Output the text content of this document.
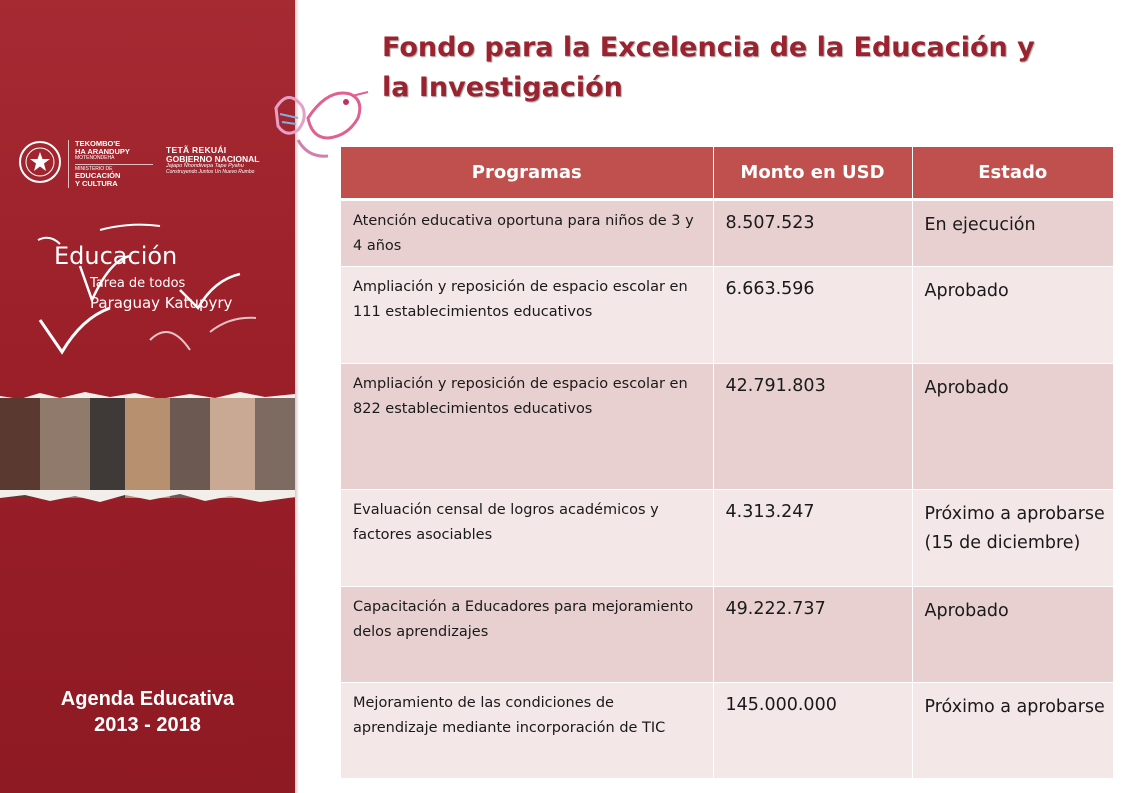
TEKOMBO'E
HA ARANDUPY
MOTENONDEHA
MINISTERIO DE
EDUCACIÓN
Y CULTURA
TETÃ REKUÁI
GOBIERNO NACIONAL
Jajapo Ñhondivepa Tape Pyahu
Construyendo Juntos Un Nuevo Rumbo
Educación
Tarea de todos
Paraguay Katupyry
Agenda Educativa
2013 - 2018
Fondo para la Excelencia de la Educación y
la Investigación
Programas	Monto en USD	Estado
Atención educativa oportuna para niños de 3 y 4 años	8.507.523	En ejecución
Ampliación y reposición de espacio escolar en 111 establecimientos educativos	6.663.596	Aprobado
Ampliación y reposición de espacio escolar en 822 establecimientos educativos	42.791.803	Aprobado
Evaluación censal de logros académicos y factores asociables	4.313.247	Próximo a aprobarse (15 de diciembre)
Capacitación a Educadores para mejoramiento delos aprendizajes	49.222.737	Aprobado
Mejoramiento de las condiciones de aprendizaje mediante incorporación de TIC	145.000.000	Próximo a aprobarse
